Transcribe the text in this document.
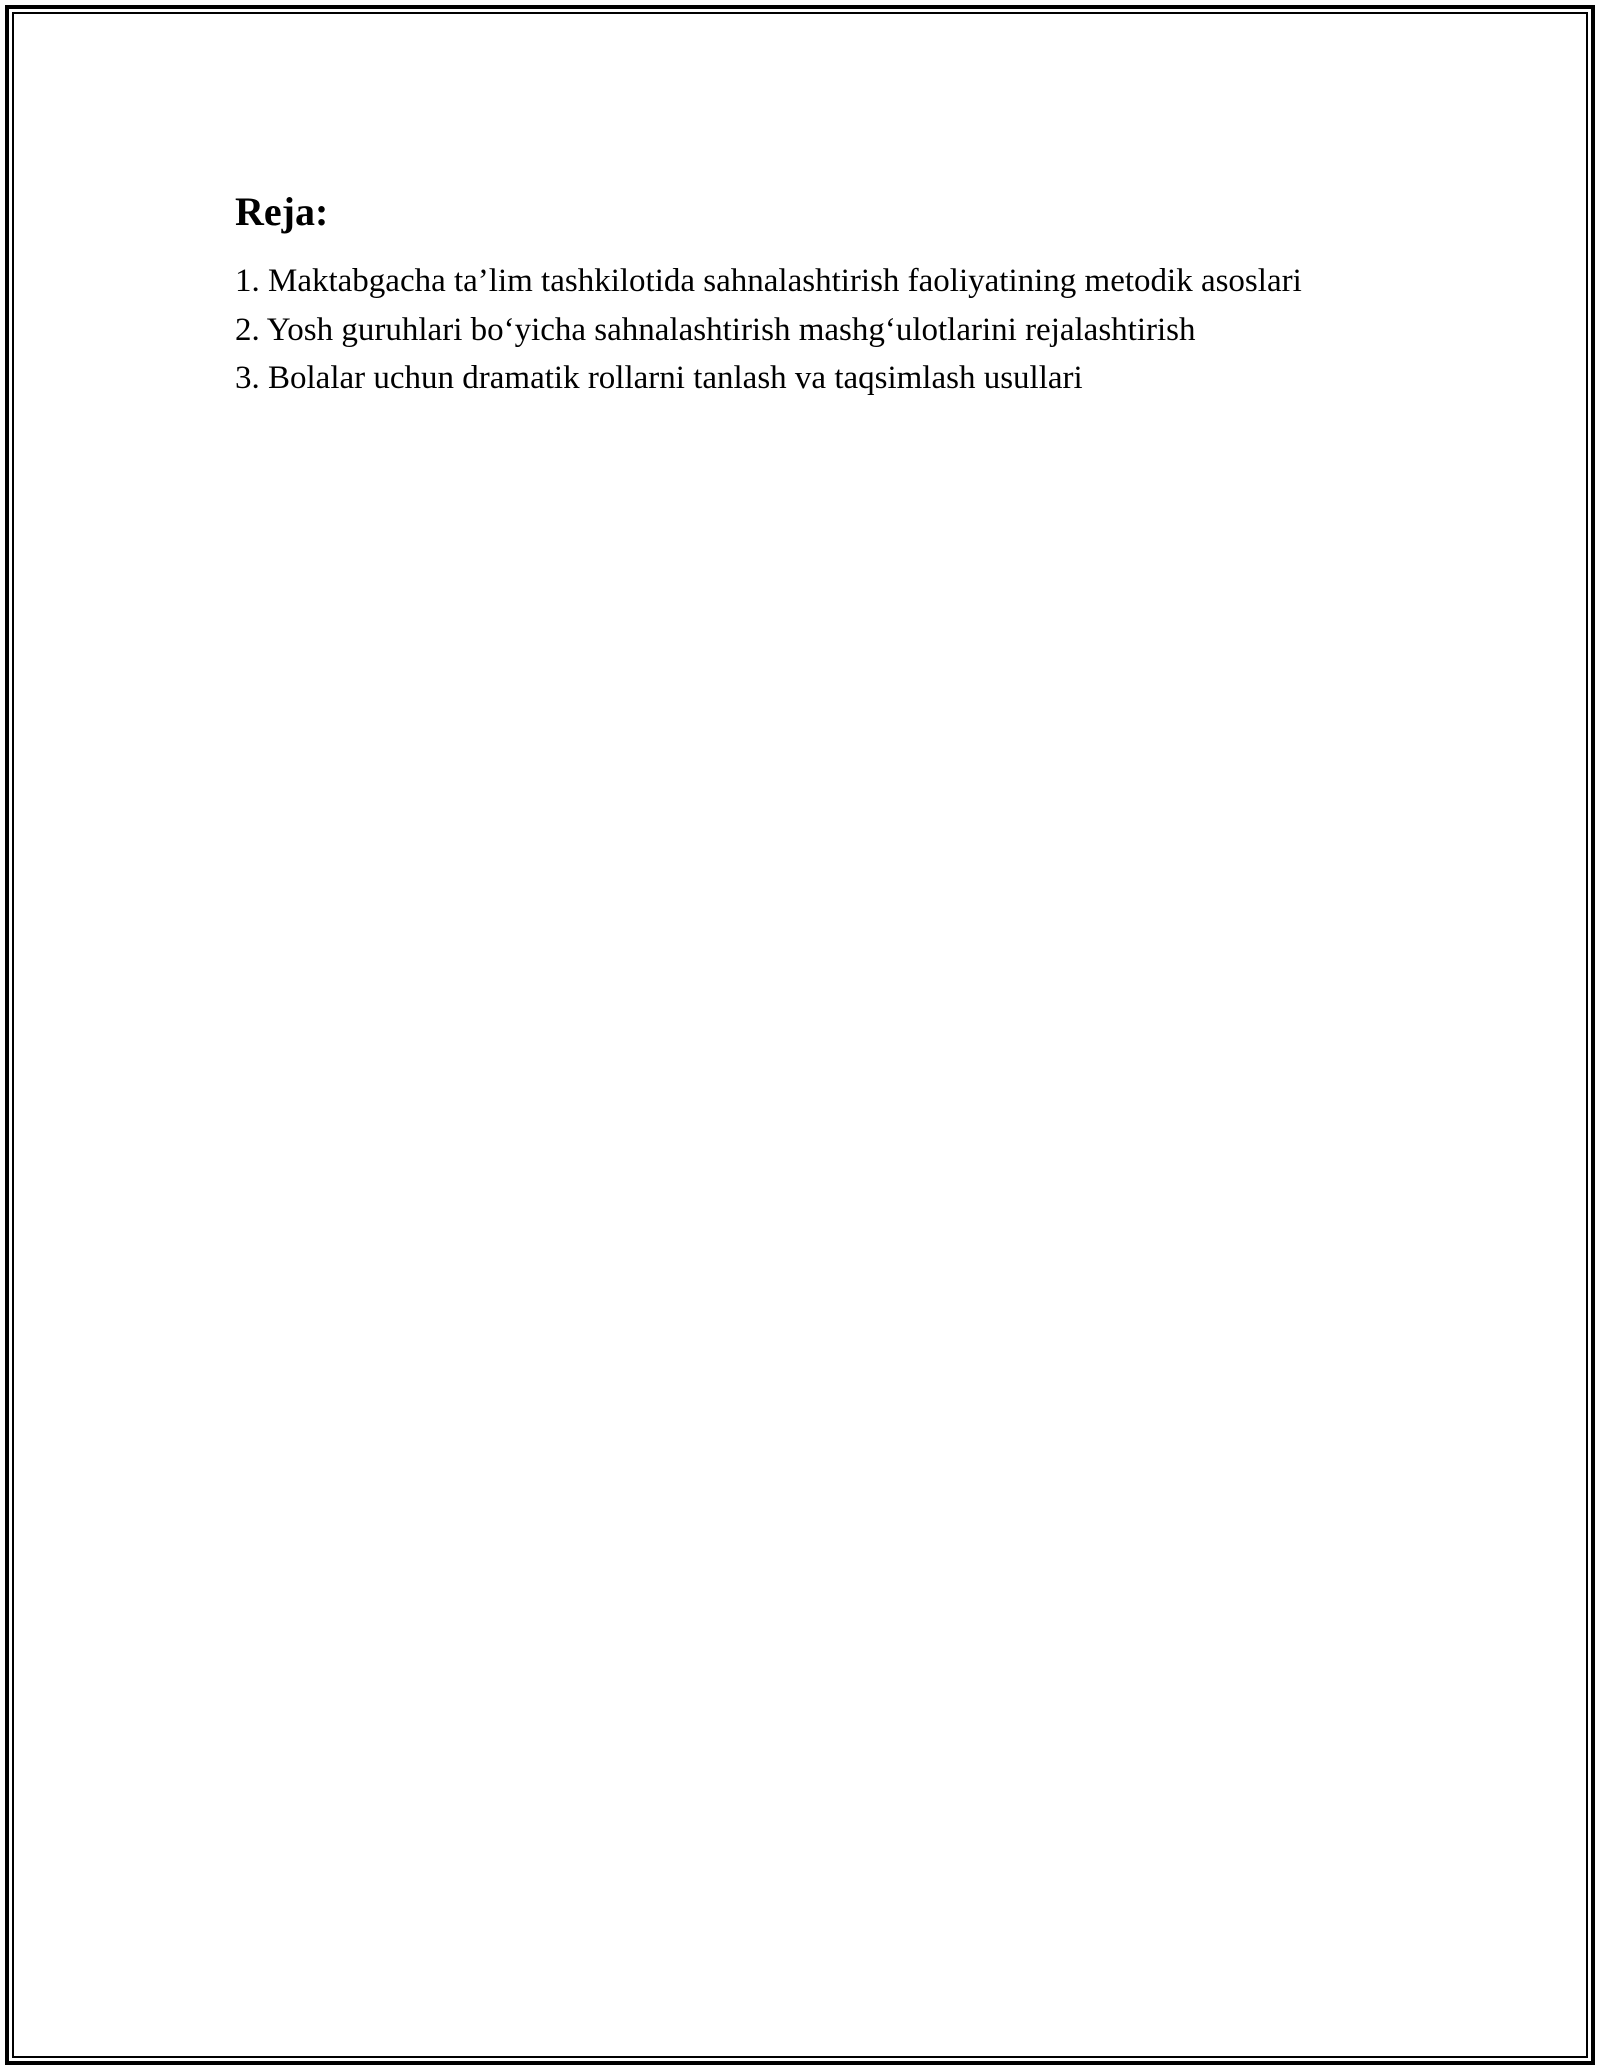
Reja:
1. Maktabgacha ta’lim tashkilotida sahnalashtirish faoliyatining metodik asoslari
2. Yosh guruhlari bo‘yicha sahnalashtirish mashg‘ulotlarini rejalashtirish
3. Bolalar uchun dramatik rollarni tanlash va taqsimlash usullari
